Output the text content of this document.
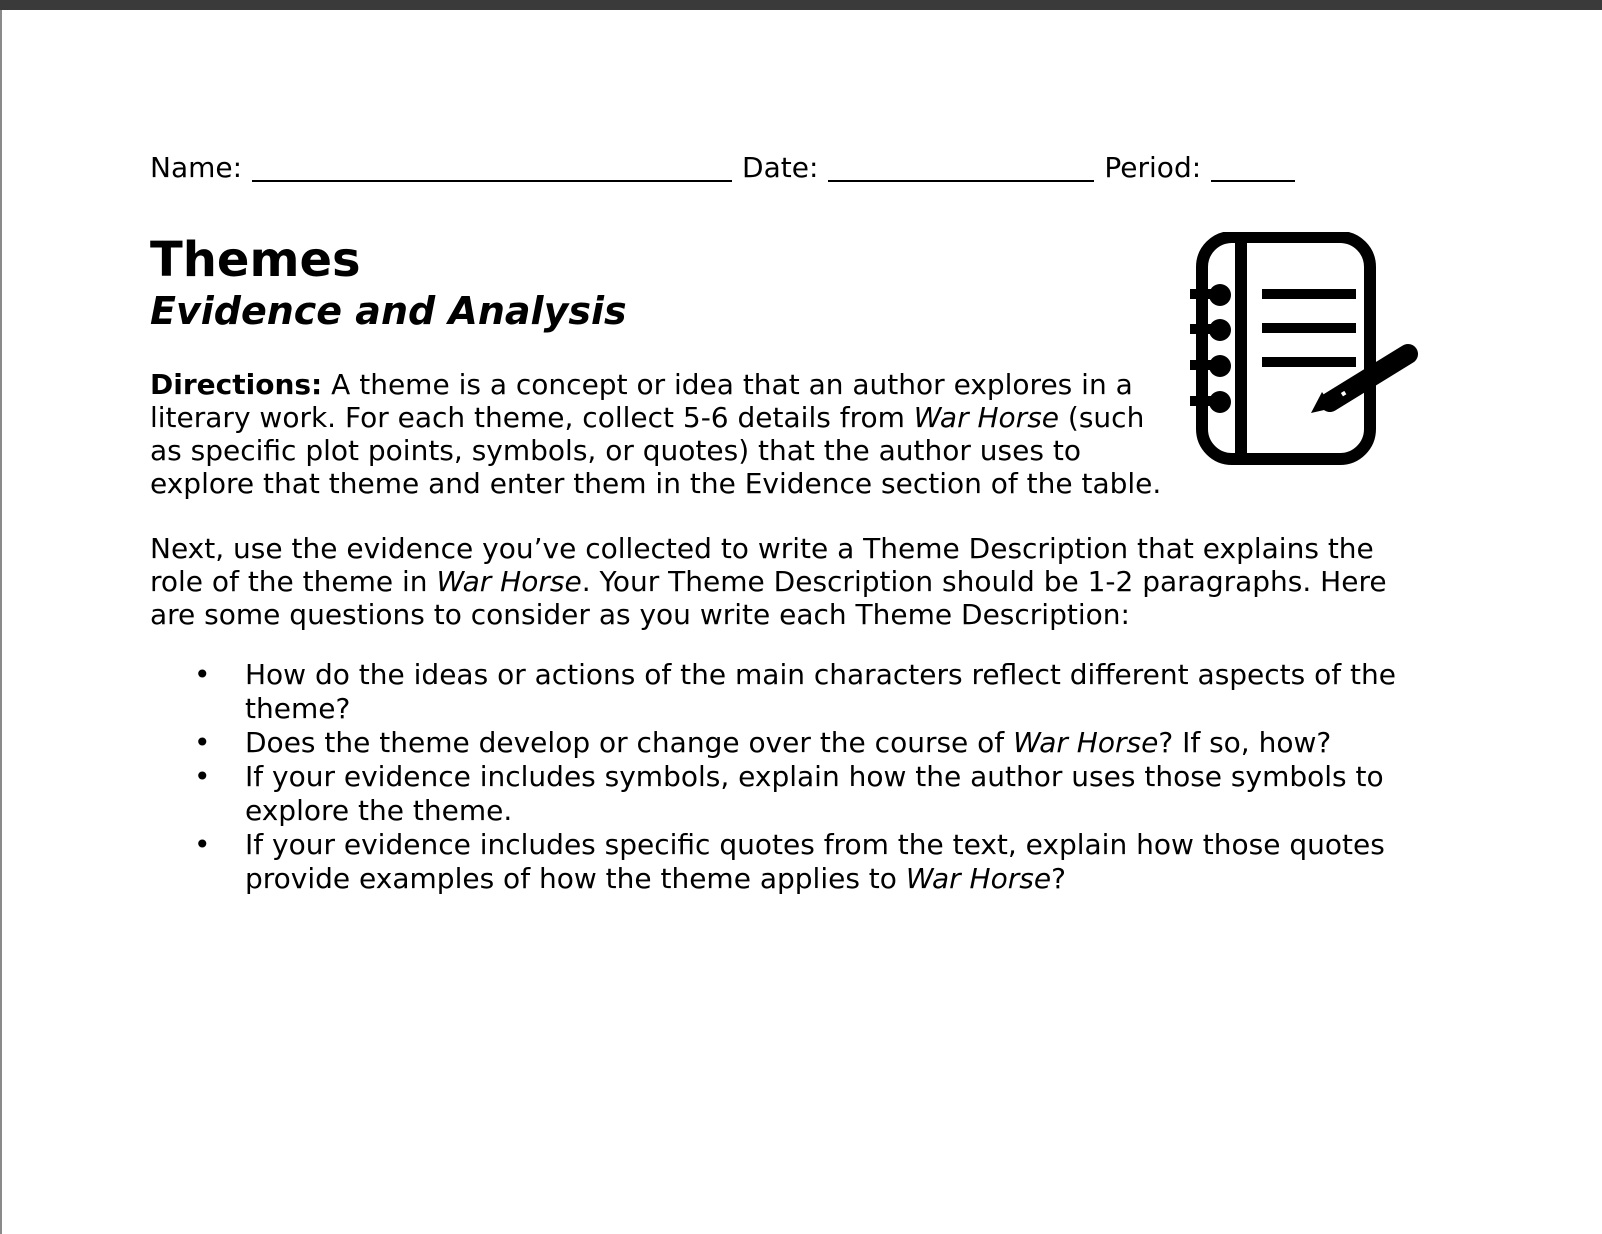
Name:	Date:	Period:
Themes
Evidence and Analysis

Directions: A theme is a concept or idea that an author explores in a literary work. For each theme, collect 5-6 details from War Horse (such as specific plot points, symbols, or quotes) that the author uses to explore that theme and enter them in the Evidence section of the table.

Next, use the evidence you’ve collected to write a Theme Description that explains the role of the theme in War Horse. Your Theme Description should be 1-2 paragraphs. Here are some questions to consider as you write each Theme Description:

• How do the ideas or actions of the main characters reflect different aspects of the theme?
• Does the theme develop or change over the course of War Horse? If so, how?
• If your evidence includes symbols, explain how the author uses those symbols to explore the theme.
• If your evidence includes specific quotes from the text, explain how those quotes provide examples of how the theme applies to War Horse?
